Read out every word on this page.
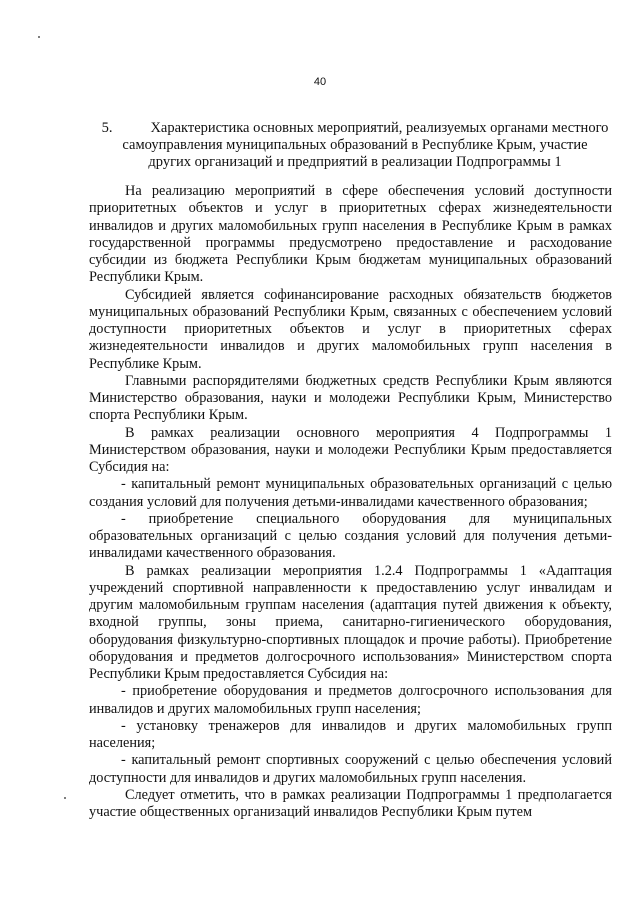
40
5.	Характеристика основных мероприятий, реализуемых органами местного самоуправления муниципальных образований в Республике Крым, участие других организаций и предприятий в реализации Подпрограммы 1

На реализацию мероприятий в сфере обеспечения условий доступности приоритетных объектов и услуг в приоритетных сферах жизнедеятельности инвалидов и других маломобильных групп населения в Республике Крым в рамках государственной программы предусмотрено предоставление и расходование субсидии из бюджета Республики Крым бюджетам муниципальных образований Республики Крым.

Субсидией является софинансирование расходных обязательств бюджетов муниципальных образований Республики Крым, связанных с обеспечением условий доступности приоритетных объектов и услуг в приоритетных сферах жизнедеятельности инвалидов и других маломобильных групп населения в Республике Крым.

Главными распорядителями бюджетных средств Республики Крым являются Министерство образования, науки и молодежи Республики Крым, Министерство спорта Республики Крым.

В рамках реализации основного мероприятия 4 Подпрограммы 1 Министерством образования, науки и молодежи Республики Крым предоставляется Субсидия на:

- капитальный ремонт муниципальных образовательных организаций с целью создания условий для получения детьми-инвалидами качественного образования;

- приобретение специального оборудования для муниципальных образовательных организаций с целью создания условий для получения детьми-инвалидами качественного образования.

В рамках реализации мероприятия 1.2.4 Подпрограммы 1 «Адаптация учреждений спортивной направленности к предоставлению услуг инвалидам и другим маломобильным группам населения (адаптация путей движения к объекту, входной группы, зоны приема, санитарно-гигиенического оборудования, оборудования физкультурно-спортивных площадок и прочие работы). Приобретение оборудования и предметов долгосрочного использования» Министерством спорта Республики Крым предоставляется Субсидия на:

- приобретение оборудования и предметов долгосрочного использования для инвалидов и других маломобильных групп населения;

- установку тренажеров для инвалидов и других маломобильных групп населения;

- капитальный ремонт спортивных сооружений с целью обеспечения условий доступности для инвалидов и других маломобильных групп населения.

Следует отметить, что в рамках реализации Подпрограммы 1 предполагается участие общественных организаций инвалидов Республики Крым путем
